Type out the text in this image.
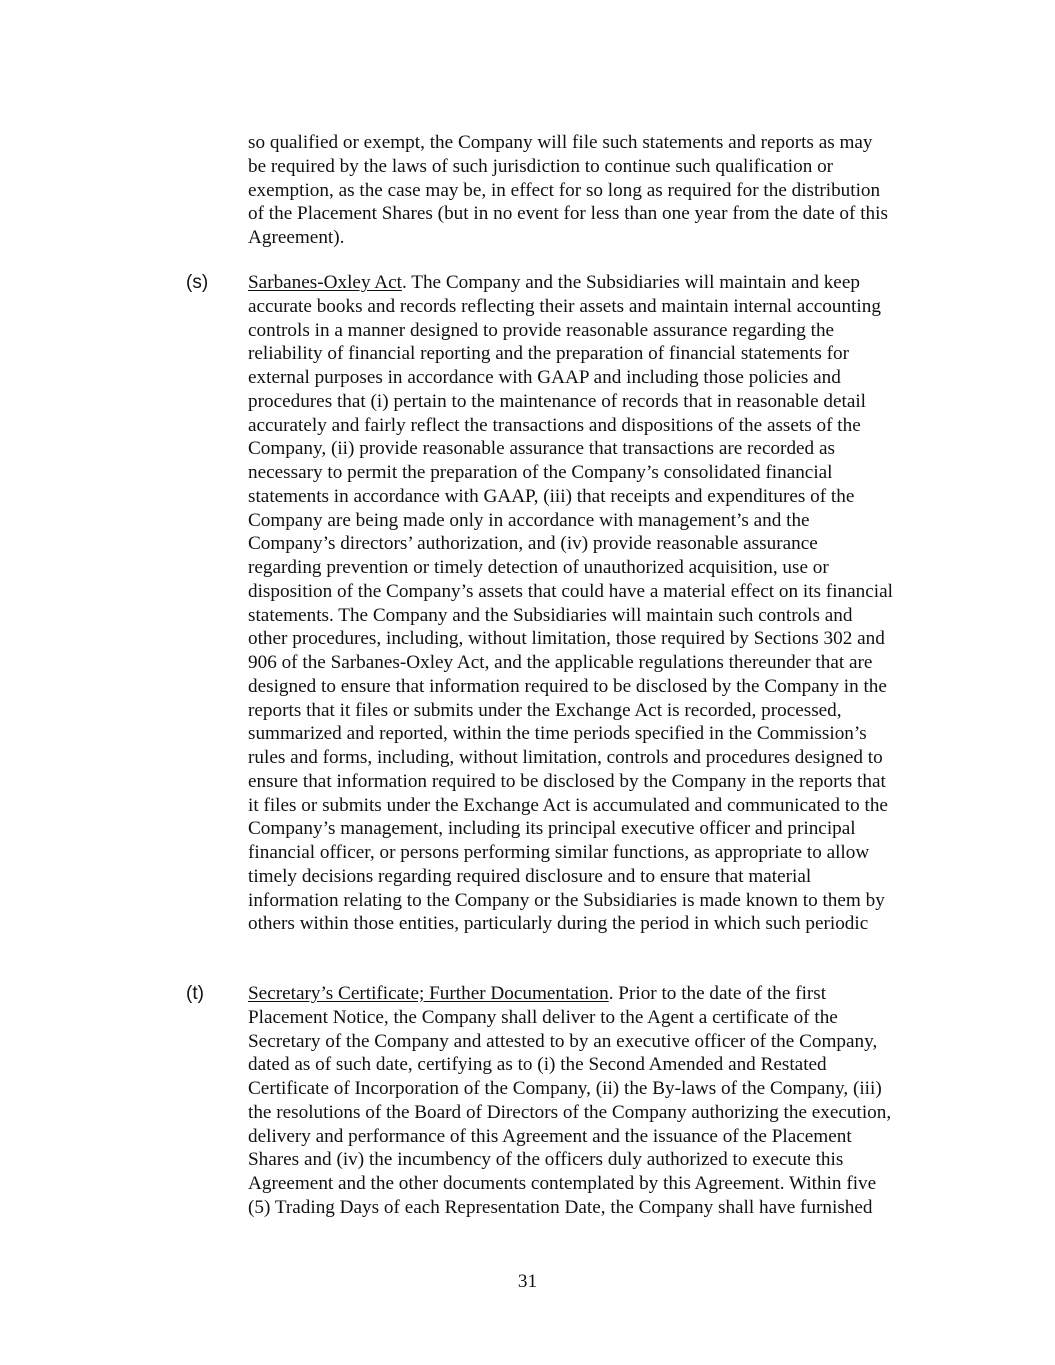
so qualified or exempt, the Company will file such statements and reports as may
be required by the laws of such jurisdiction to continue such qualification or
exemption, as the case may be, in effect for so long as required for the distribution
of the Placement Shares (but in no event for less than one year from the date of this
Agreement).
(s) Sarbanes-Oxley Act. The Company and the Subsidiaries will maintain and keep
accurate books and records reflecting their assets and maintain internal accounting
controls in a manner designed to provide reasonable assurance regarding the
reliability of financial reporting and the preparation of financial statements for
external purposes in accordance with GAAP and including those policies and
procedures that (i) pertain to the maintenance of records that in reasonable detail
accurately and fairly reflect the transactions and dispositions of the assets of the
Company, (ii) provide reasonable assurance that transactions are recorded as
necessary to permit the preparation of the Company’s consolidated financial
statements in accordance with GAAP, (iii) that receipts and expenditures of the
Company are being made only in accordance with management’s and the
Company’s directors’ authorization, and (iv) provide reasonable assurance
regarding prevention or timely detection of unauthorized acquisition, use or
disposition of the Company’s assets that could have a material effect on its financial
statements. The Company and the Subsidiaries will maintain such controls and
other procedures, including, without limitation, those required by Sections 302 and
906 of the Sarbanes-Oxley Act, and the applicable regulations thereunder that are
designed to ensure that information required to be disclosed by the Company in the
reports that it files or submits under the Exchange Act is recorded, processed,
summarized and reported, within the time periods specified in the Commission’s
rules and forms, including, without limitation, controls and procedures designed to
ensure that information required to be disclosed by the Company in the reports that
it files or submits under the Exchange Act is accumulated and communicated to the
Company’s management, including its principal executive officer and principal
financial officer, or persons performing similar functions, as appropriate to allow
timely decisions regarding required disclosure and to ensure that material
information relating to the Company or the Subsidiaries is made known to them by
others within those entities, particularly during the period in which such periodic
(t) Secretary’s Certificate; Further Documentation. Prior to the date of the first
Placement Notice, the Company shall deliver to the Agent a certificate of the
Secretary of the Company and attested to by an executive officer of the Company,
dated as of such date, certifying as to (i) the Second Amended and Restated
Certificate of Incorporation of the Company, (ii) the By-laws of the Company, (iii)
the resolutions of the Board of Directors of the Company authorizing the execution,
delivery and performance of this Agreement and the issuance of the Placement
Shares and (iv) the incumbency of the officers duly authorized to execute this
Agreement and the other documents contemplated by this Agreement. Within five
(5) Trading Days of each Representation Date, the Company shall have furnished
31
